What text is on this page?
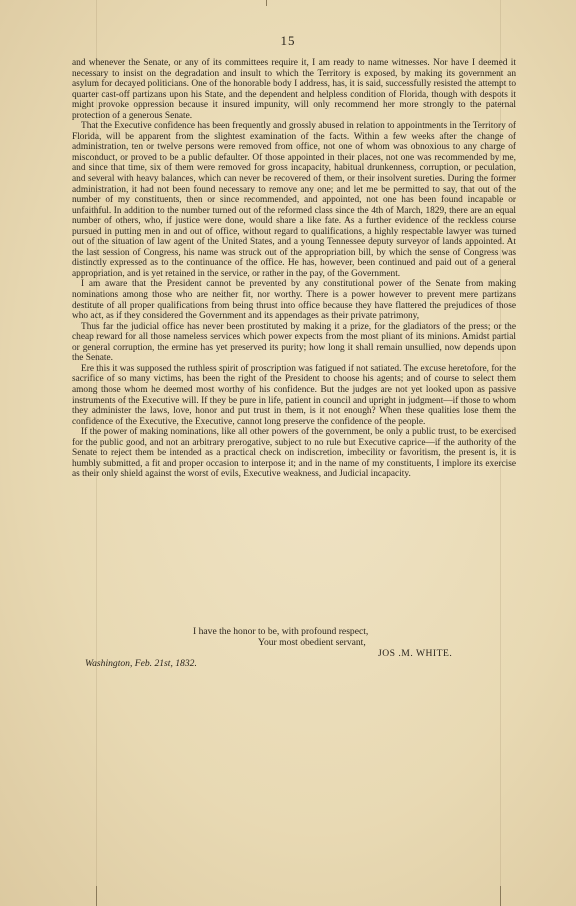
15

and whenever the Senate, or any of its committees require it, I am ready to name witnesses. Nor have I deemed it necessary to insist on the degradation and insult to which the Territory is exposed, by making its government an asylum for decayed politicians. One of the honorable body I address, has, it is said, successfully resisted the attempt to quarter cast-off partizans upon his State, and the dependent and helpless condition of Florida, though with despots it might provoke oppression because it insured impunity, will only recommend her more strongly to the paternal protection of a generous Senate.

That the Executive confidence has been frequently and grossly abused in relation to appointments in the Territory of Florida, will be apparent from the slightest examination of the facts. Within a few weeks after the change of administration, ten or twelve persons were removed from office, not one of whom was obnoxious to any charge of misconduct, or proved to be a public defaulter. Of those appointed in their places, not one was recommended by me, and since that time, six of them were removed for gross incapacity, habitual drunkenness, corruption, or peculation, and several with heavy balances, which can never be recovered of them, or their insolvent sureties. During the former administration, it had not been found necessary to remove any one; and let me be permitted to say, that out of the number of my constituents, then or since recommended, and appointed, not one has been found incapable or unfaithful. In addition to the number turned out of the reformed class since the 4th of March, 1829, there are an equal number of others, who, if justice were done, would share a like fate. As a further evidence of the reckless course pursued in putting men in and out of office, without regard to qualifications, a highly respectable lawyer was turned out of the situation of law agent of the United States, and a young Tennessee deputy surveyor of lands appointed. At the last session of Congress, his name was struck out of the appropriation bill, by which the sense of Congress was distinctly expressed as to the continuance of the office. He has, however, been continued and paid out of a general appropriation, and is yet retained in the service, or rather in the pay, of the Government.

I am aware that the President cannot be prevented by any constitutional power of the Senate from making nominations among those who are neither fit, nor worthy. There is a power however to prevent mere partizans destitute of all proper qualifications from being thrust into office because they have flattered the prejudices of those who act, as if they considered the Government and its appendages as their private patrimony,

Thus far the judicial office has never been prostituted by making it a prize, for the gladiators of the press; or the cheap reward for all those nameless services which power expects from the most pliant of its minions. Amidst partial or general corruption, the ermine has yet preserved its purity; how long it shall remain unsullied, now depends upon the Senate.

Ere this it was supposed the ruthless spirit of proscription was fatigued if not satiated. The excuse heretofore, for the sacrifice of so many victims, has been the right of the President to choose his agents; and of course to select them among those whom he deemed most worthy of his confidence. But the judges are not yet looked upon as passive instruments of the Executive will. If they be pure in life, patient in council and upright in judgment—if those to whom they administer the laws, love, honor and put trust in them, is it not enough? When these qualities lose them the confidence of the Executive, the Executive, cannot long preserve the confidence of the people.

If the power of making nominations, like all other powers of the government, be only a public trust, to be exercised for the public good, and not an arbitrary prerogative, subject to no rule but Executive caprice—if the authority of the Senate to reject them be intended as a practical check on indiscretion, imbecility or favoritism, the present is, it is humbly submitted, a fit and proper occasion to interpose it; and in the name of my constituents, I implore its exercise as their only shield against the worst of evils, Executive weakness, and Judicial incapacity.

I have the honor to be, with profound respect,
Your most obedient servant,
JOS .M. WHITE.
Washington, Feb. 21st, 1832.
